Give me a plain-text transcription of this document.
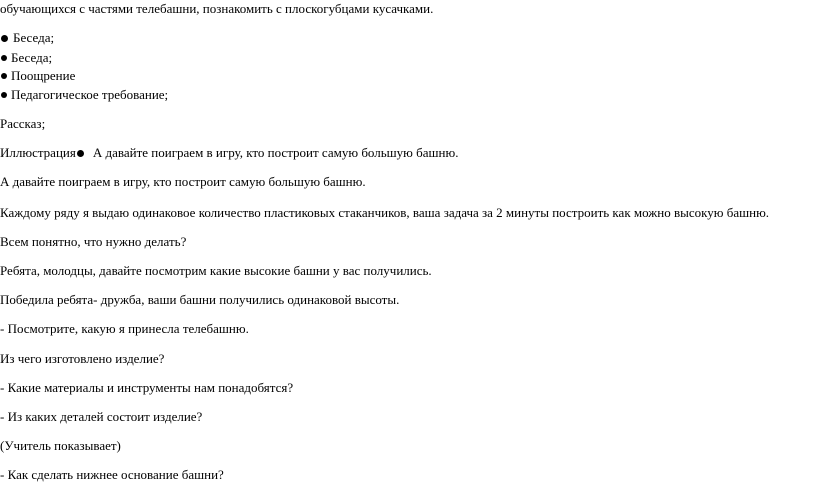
обучающихся с частями телебашни, познакомить с плоскогубцами кусачками.
Беседа;
Беседа;
Поощрение
Педагогическое требование;
Рассказ;
Иллюстрация А давайте поиграем в игру, кто построит самую большую башню.
А давайте поиграем в игру, кто построит самую большую башню.
Каждому ряду я выдаю одинаковое количество пластиковых стаканчиков, ваша задача за 2 минуты построить как можно высокую башню.
Всем понятно, что нужно делать?
Ребята, молодцы, давайте посмотрим какие высокие башни у вас получились.
Победила ребята- дружба, ваши башни получились одинаковой высоты.
- Посмотрите, какую я принесла телебашню.
Из чего изготовлено изделие?
- Какие материалы и инструменты нам понадобятся?
- Из каких деталей состоит изделие?
(Учитель показывает)
- Как сделать нижнее основание башни?
